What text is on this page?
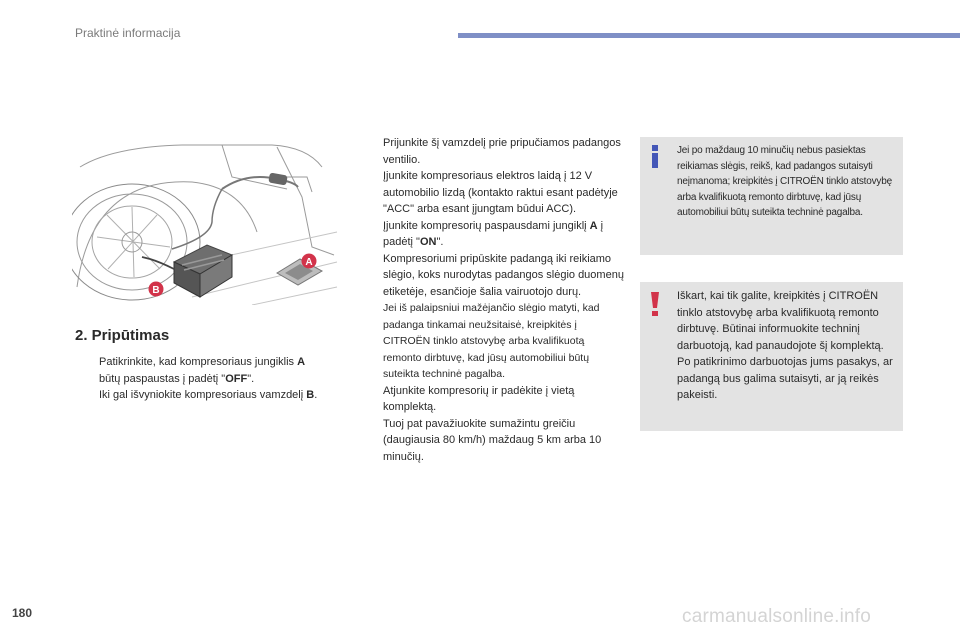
Praktinė informacija
A
B
2. Pripūtimas
Patikrinkite, kad kompresoriaus jungiklis A
būtų paspaustas į padėtį "OFF".
Iki gal išvyniokite kompresoriaus vamzdelį B.
Prijunkite šį vamzdelį prie pripučiamos padangos ventilio.
Įjunkite kompresoriaus elektros laidą į 12 V automobilio lizdą (kontakto raktui esant padėtyje "ACC" arba esant įjungtam būdui ACC).
Įjunkite kompresorių paspausdami jungiklį A į padėtį "ON".
Kompresoriumi pripūskite padangą iki reikiamo slėgio, koks nurodytas padangos slėgio duomenų etiketėje, esančioje šalia vairuotojo durų.
Jei iš palaipsniui mažėjančio slėgio matyti, kad padanga tinkamai neužsitaisė, kreipkitės į CITROËN tinklo atstovybę arba kvalifikuotą remonto dirbtuvę, kad jūsų automobiliui būtų suteikta techninė pagalba.
Atjunkite kompresorių ir padėkite į vietą komplektą.
Tuoj pat pavažiuokite sumažintu greičiu (daugiausia 80 km/h) maždaug 5 km arba 10 minučių.
Jei po maždaug 10 minučių nebus pasiektas reikiamas slėgis, reikš, kad padangos sutaisyti neįmanoma; kreipkitės į CITROËN tinklo atstovybę arba kvalifikuotą remonto dirbtuvę, kad jūsų automobiliui būtų suteikta techninė pagalba.
Iškart, kai tik galite, kreipkitės į CITROËN tinklo atstovybę arba kvalifikuotą remonto dirbtuvę. Būtinai informuokite techninį darbuotoją, kad panaudojote šį komplektą. Po patikrinimo darbuotojas jums pasakys, ar padangą bus galima sutaisyti, ar ją reikės pakeisti.
180	carmanualsonline.info
